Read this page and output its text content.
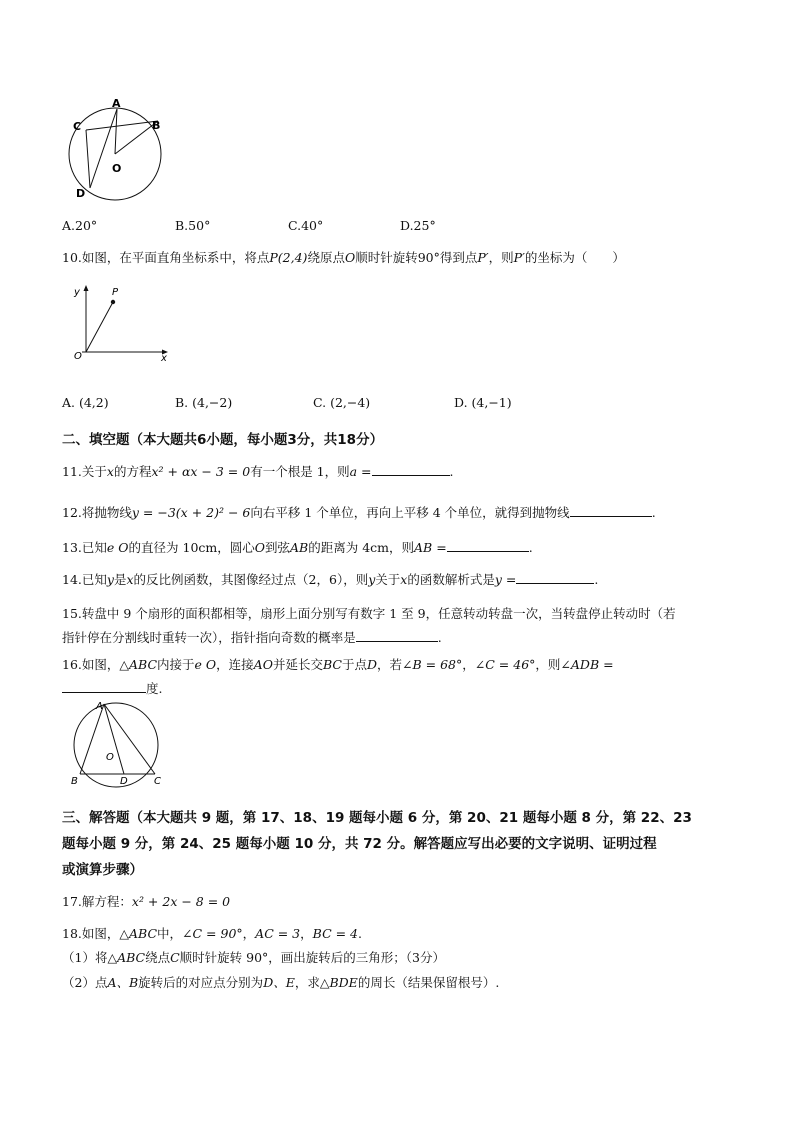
A
B
C
D
O
A.20°	B.50°	C.40°	D.25°
10.如图，在平面直角坐标系中，将点P(2,4)绕原点O顺时针旋转90°得到点P′，则P′的坐标为（　　）
y	P
O	x
A. (4,2)	B. (4,−2)	C. (2,−4)	D. (4,−1)
二、填空题（本大题共6小题，每小题3分，共18分）
11.关于x的方程x² + αx − 3 = 0有一个根是 1，则a =	.
12.将抛物线y = −3(x + 2)² − 6向右平移 1 个单位，再向上平移 4 个单位，就得到抛物线	.
13.已知e O的直径为 10cm，圆心O到弦AB的距离为 4cm，则AB =	.
14.已知y是x的反比例函数，其图像经过点（2，6），则y关于x的函数解析式是y =	.
15.转盘中 9 个扇形的面积都相等，扇形上面分别写有数字 1 至 9，任意转动转盘一次，当转盘停止转动时（若
指针停在分割线时重转一次），指针指向奇数的概率是	.
16.如图，△ABC内接于e O，连接AO并延长交BC于点D，若∠B = 68°，∠C = 46°，则∠ADB =
度.
A
O
B	D	C
三、解答题（本大题共 9 题，第 17、18、19 题每小题 6 分，第 20、21 题每小题 8 分，第 22、23
题每小题 9 分，第 24、25 题每小题 10 分，共 72 分。解答题应写出必要的文字说明、证明过程
或演算步骤）
17.解方程：x² + 2x − 8 = 0
18.如图，△ABC中，∠C = 90°，AC = 3，BC = 4.
（1）将△ABC绕点C顺时针旋转 90°，画出旋转后的三角形；（3分）
（2）点A、B旋转后的对应点分别为D、E，求△BDE的周长（结果保留根号）.
